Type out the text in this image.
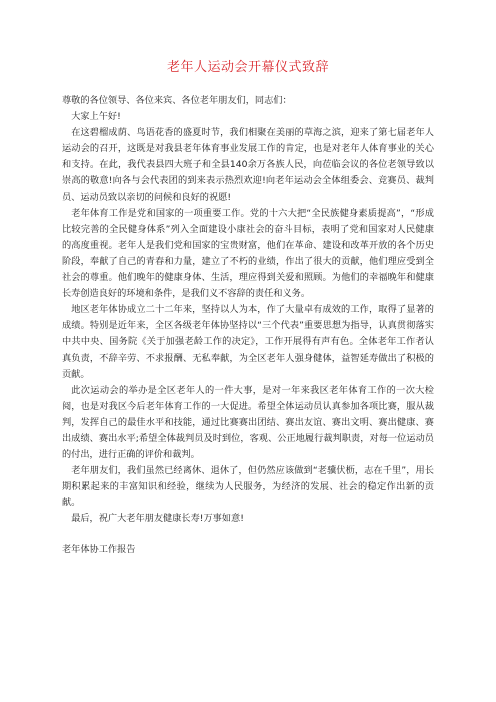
老年人运动会开幕仪式致辞

尊敬的各位领导、各位来宾、各位老年朋友们，同志们：

大家上午好!

在这碧榴成荫、鸟语花香的盛夏时节，我们相聚在美丽的草海之滨，迎来了第七届老年人运动会的召开，这既是对我县老年体育事业发展工作的肯定，也是对老年人体育事业的关心和支持。在此，我代表县四大班子和全县140余万各族人民，向莅临会议的各位老领导致以崇高的敬意!向各与会代表团的到来表示热烈欢迎!向老年运动会全体组委会、竞赛员、裁判员、运动员致以亲切的问候和良好的祝愿!

老年体育工作是党和国家的一项重要工作。党的十六大把“全民族健身素质提高”，“形成比较完善的全民健身体系”列入全面建设小康社会的奋斗目标，表明了党和国家对人民健康的高度重视。老年人是我们党和国家的宝贵财富，他们在革命、建设和改革开放的各个历史阶段，奉献了自己的青春和力量，建立了不朽的业绩，作出了很大的贡献，他们理应受到全社会的尊重。他们晚年的健康身体、生活，理应得到关爱和照顾。为他们的幸福晚年和健康长寿创造良好的环境和条件，是我们义不容辞的责任和义务。

地区老年体协成立二十二年来，坚持以人为本，作了大量卓有成效的工作，取得了显著的成绩。特别是近年来，全区各级老年体协坚持以“三个代表”重要思想为指导，认真贯彻落实中共中央、国务院《关于加强老龄工作的决定》，工作开展得有声有色。全体老年工作者认真负责，不辞辛劳、不求报酬、无私奉献，为全区老年人强身健体，益智延寿做出了积极的贡献。

此次运动会的举办是全区老年人的一件大事，是对一年来我区老年体育工作的一次大检阅，也是对我区今后老年体育工作的一大促进。希望全体运动员认真参加各项比赛，服从裁判，发挥自己的最佳水平和技能，通过比赛赛出团结、赛出友谊、赛出文明、赛出健康、赛出成绩、赛出水平;希望全体裁判员及时到位，客观、公正地履行裁判职责，对每一位运动员的付出，进行正确的评价和裁判。

老年朋友们，我们虽然已经离休、退休了，但仍然应该做到“老骥伏枥，志在千里”，用长期积累起来的丰富知识和经验，继续为人民服务，为经济的发展、社会的稳定作出新的贡献。

最后，祝广大老年朋友健康长寿!万事如意!

老年体协工作报告
